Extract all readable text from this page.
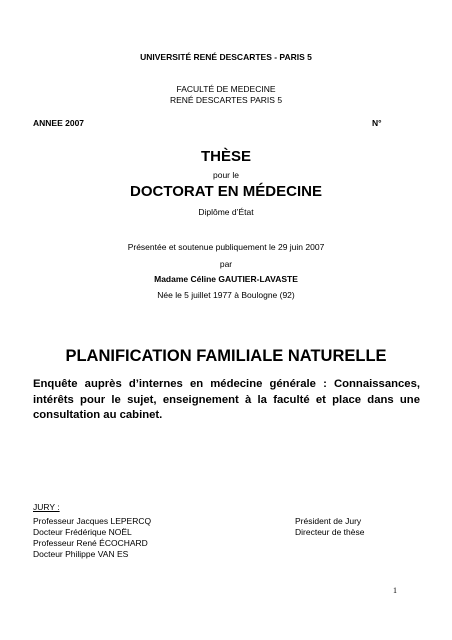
UNIVERSITÉ RENÉ DESCARTES - PARIS 5
FACULTÉ DE MEDECINE
RENÉ DESCARTES PARIS 5
ANNEE 2007	N°
THÈSE
pour le
DOCTORAT EN MÉDECINE
Diplôme d’État
Présentée et soutenue publiquement le 29 juin 2007
par
Madame Céline GAUTIER-LAVASTE
Née le 5 juillet 1977 à Boulogne (92)
PLANIFICATION FAMILIALE NATURELLE
Enquête auprès d’internes en médecine générale : Connaissances, intérêts pour le sujet, enseignement à la faculté et place dans une consultation au cabinet.
JURY :
Professeur Jacques LEPERCQ	Président de Jury
Docteur Frédérique NOËL	Directeur de thèse
Professeur René ÉCOCHARD
Docteur Philippe VAN ES
1
